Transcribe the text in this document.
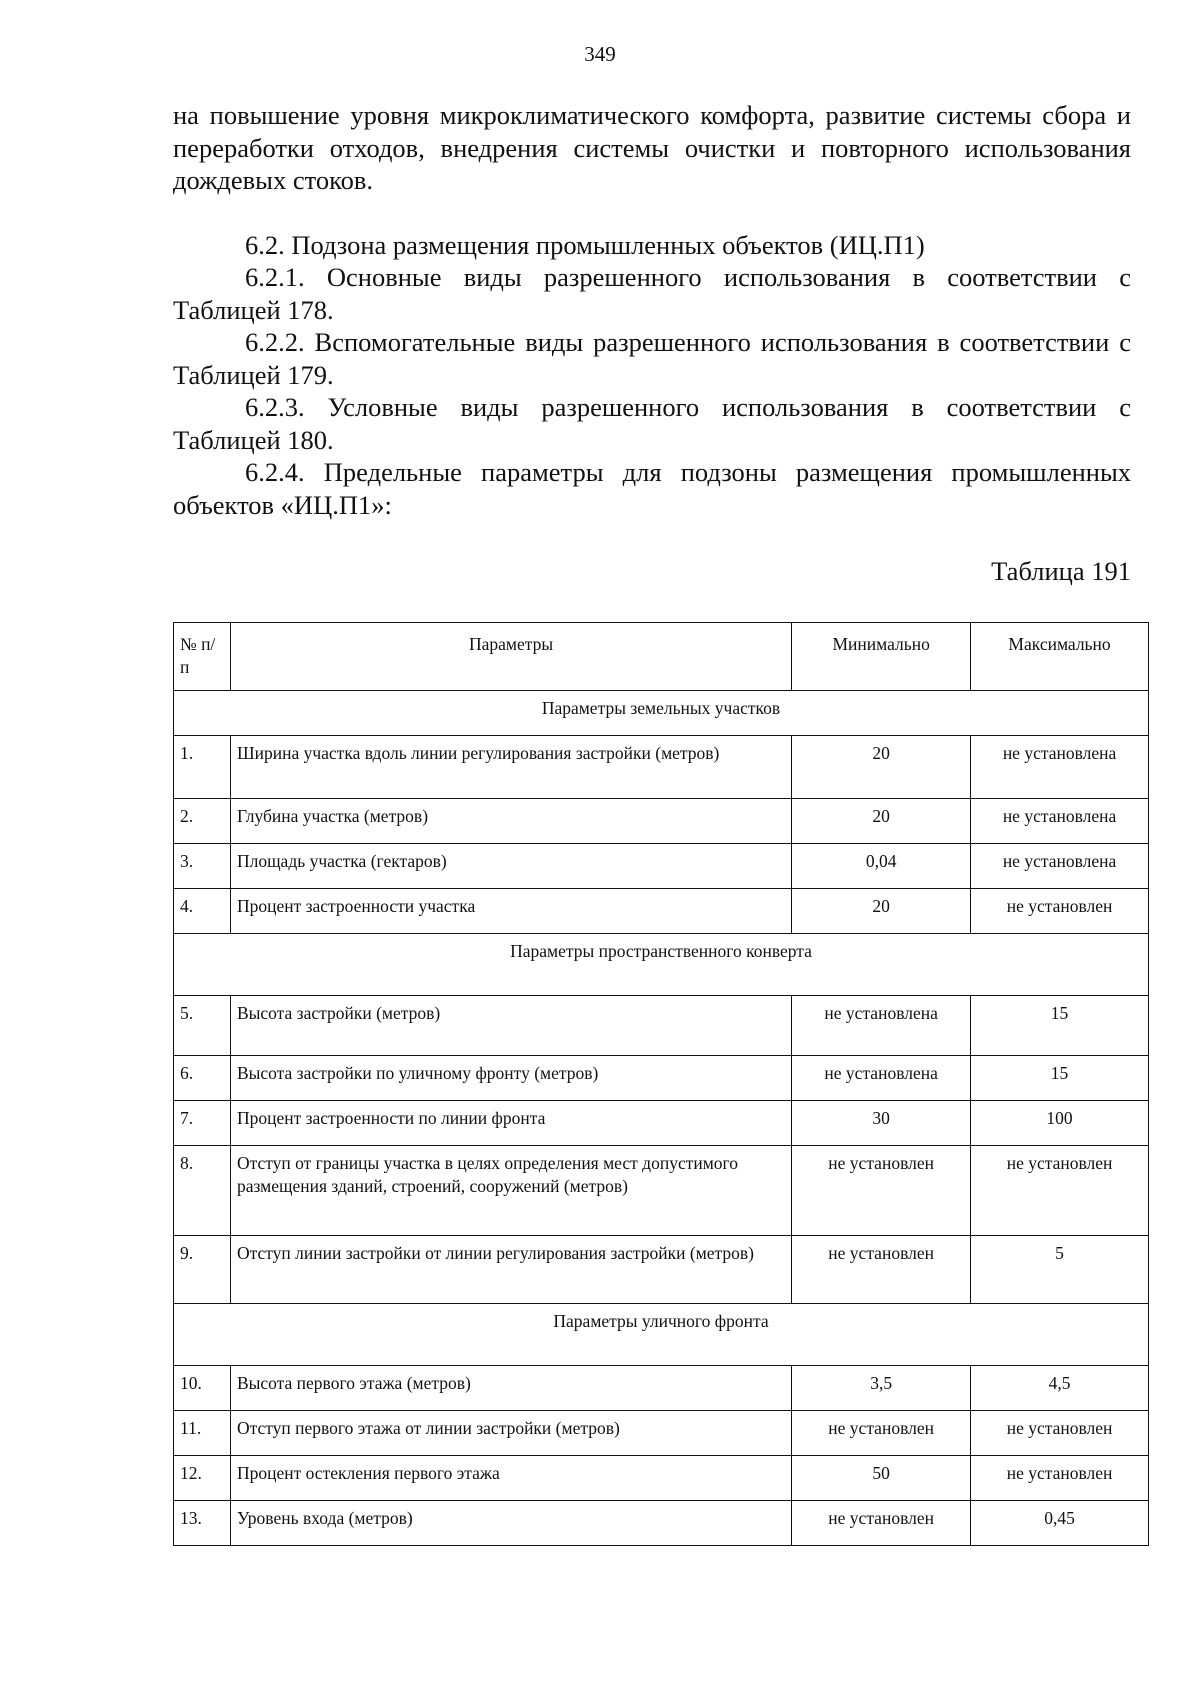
349

на повышение уровня микроклиматического комфорта, развитие системы сбора и переработки отходов, внедрения системы очистки и повторного использования дождевых стоков.

6.2. Подзона размещения промышленных объектов (ИЦ.П1)

6.2.1. Основные виды разрешенного использования в соответствии с Таблицей 178.

6.2.2. Вспомогательные виды разрешенного использования в соответствии с Таблицей 179.

6.2.3. Условные виды разрешенного использования в соответствии с Таблицей 180.

6.2.4. Предельные параметры для подзоны размещения промышленных объектов «ИЦ.П1»:

Таблица 191
№ п/п	Параметры	Минимально	Максимально
Параметры земельных участков			
1.	Ширина участка вдоль линии регулирования застройки (метров)	20	не установлена
2.	Глубина участка (метров)	20	не установлена
3.	Площадь участка (гектаров)	0,04	не установлена
4.	Процент застроенности участка	20	не установлен
Параметры пространственного конверта			
5.	Высота застройки (метров)	не установлена	15
6.	Высота застройки по уличному фронту (метров)	не установлена	15
7.	Процент застроенности по линии фронта	30	100
8.	Отступ от границы участка в целях определения мест допустимого размещения зданий, строений, сооружений (метров)	не установлен	не установлен
9.	Отступ линии застройки от линии регулирования застройки (метров)	не установлен	5
Параметры уличного фронта			
10.	Высота первого этажа (метров)	3,5	4,5
11.	Отступ первого этажа от линии застройки (метров)	не установлен	не установлен
12.	Процент остекления первого этажа	50	не установлен
13.	Уровень входа (метров)	не установлен	0,45
